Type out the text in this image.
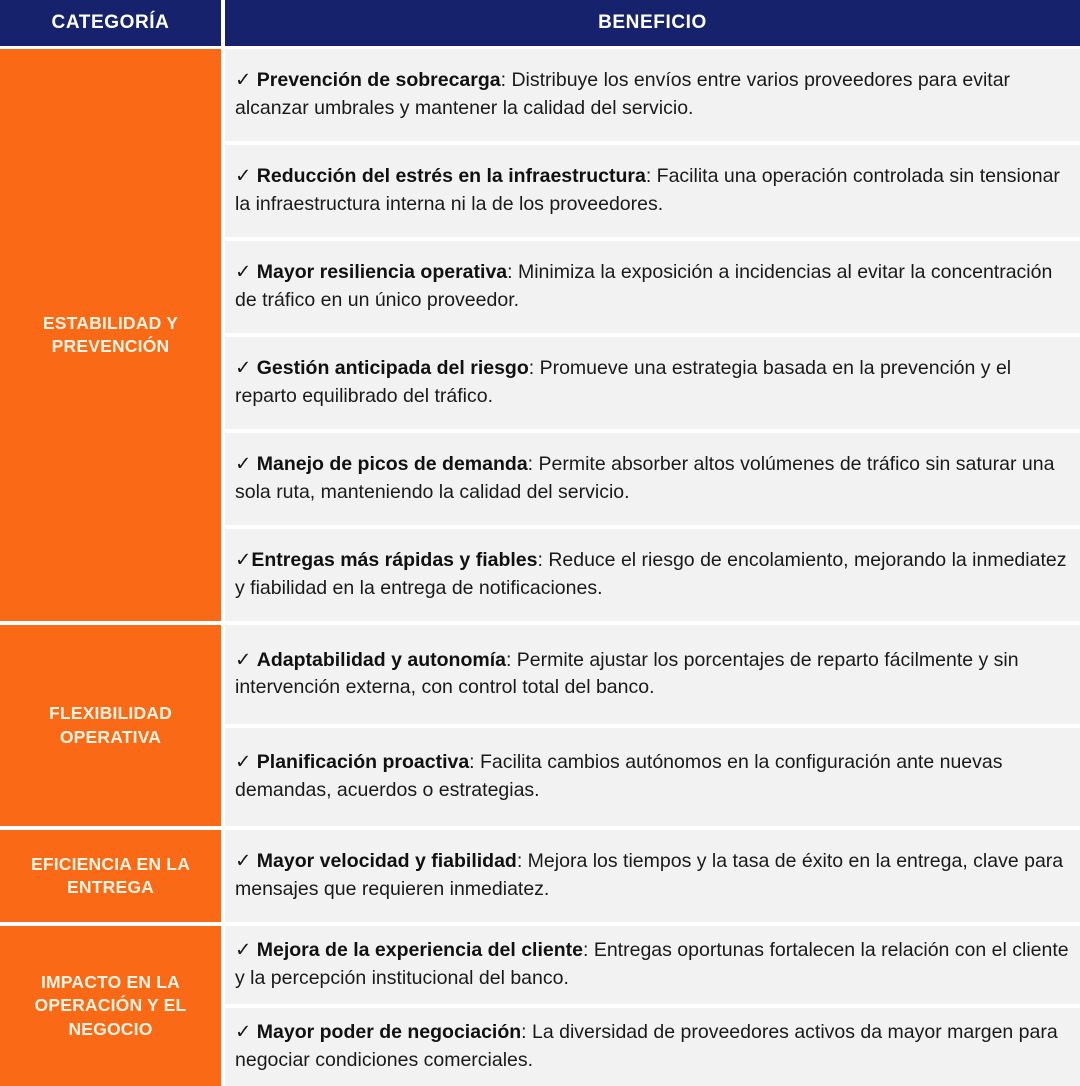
CATEGORÍA	BENEFICIO
ESTABILIDAD Y PREVENCIÓN
✓ Prevención de sobrecarga: Distribuye los envíos entre varios proveedores para evitar alcanzar umbrales y mantener la calidad del servicio.
✓ Reducción del estrés en la infraestructura: Facilita una operación controlada sin tensionar la infraestructura interna ni la de los proveedores.
✓ Mayor resiliencia operativa: Minimiza la exposición a incidencias al evitar la concentración de tráfico en un único proveedor.
✓ Gestión anticipada del riesgo: Promueve una estrategia basada en la prevención y el reparto equilibrado del tráfico.
✓ Manejo de picos de demanda: Permite absorber altos volúmenes de tráfico sin saturar una sola ruta, manteniendo la calidad del servicio.
✓Entregas más rápidas y fiables: Reduce el riesgo de encolamiento, mejorando la inmediatez y fiabilidad en la entrega de notificaciones.
FLEXIBILIDAD OPERATIVA
✓ Adaptabilidad y autonomía: Permite ajustar los porcentajes de reparto fácilmente y sin intervención externa, con control total del banco.
✓ Planificación proactiva: Facilita cambios autónomos en la configuración ante nuevas demandas, acuerdos o estrategias.
EFICIENCIA EN LA ENTREGA
✓ Mayor velocidad y fiabilidad: Mejora los tiempos y la tasa de éxito en la entrega, clave para mensajes que requieren inmediatez.
IMPACTO EN LA OPERACIÓN Y EL NEGOCIO
✓ Mejora de la experiencia del cliente: Entregas oportunas fortalecen la relación con el cliente y la percepción institucional del banco.
✓ Mayor poder de negociación: La diversidad de proveedores activos da mayor margen para negociar condiciones comerciales.
